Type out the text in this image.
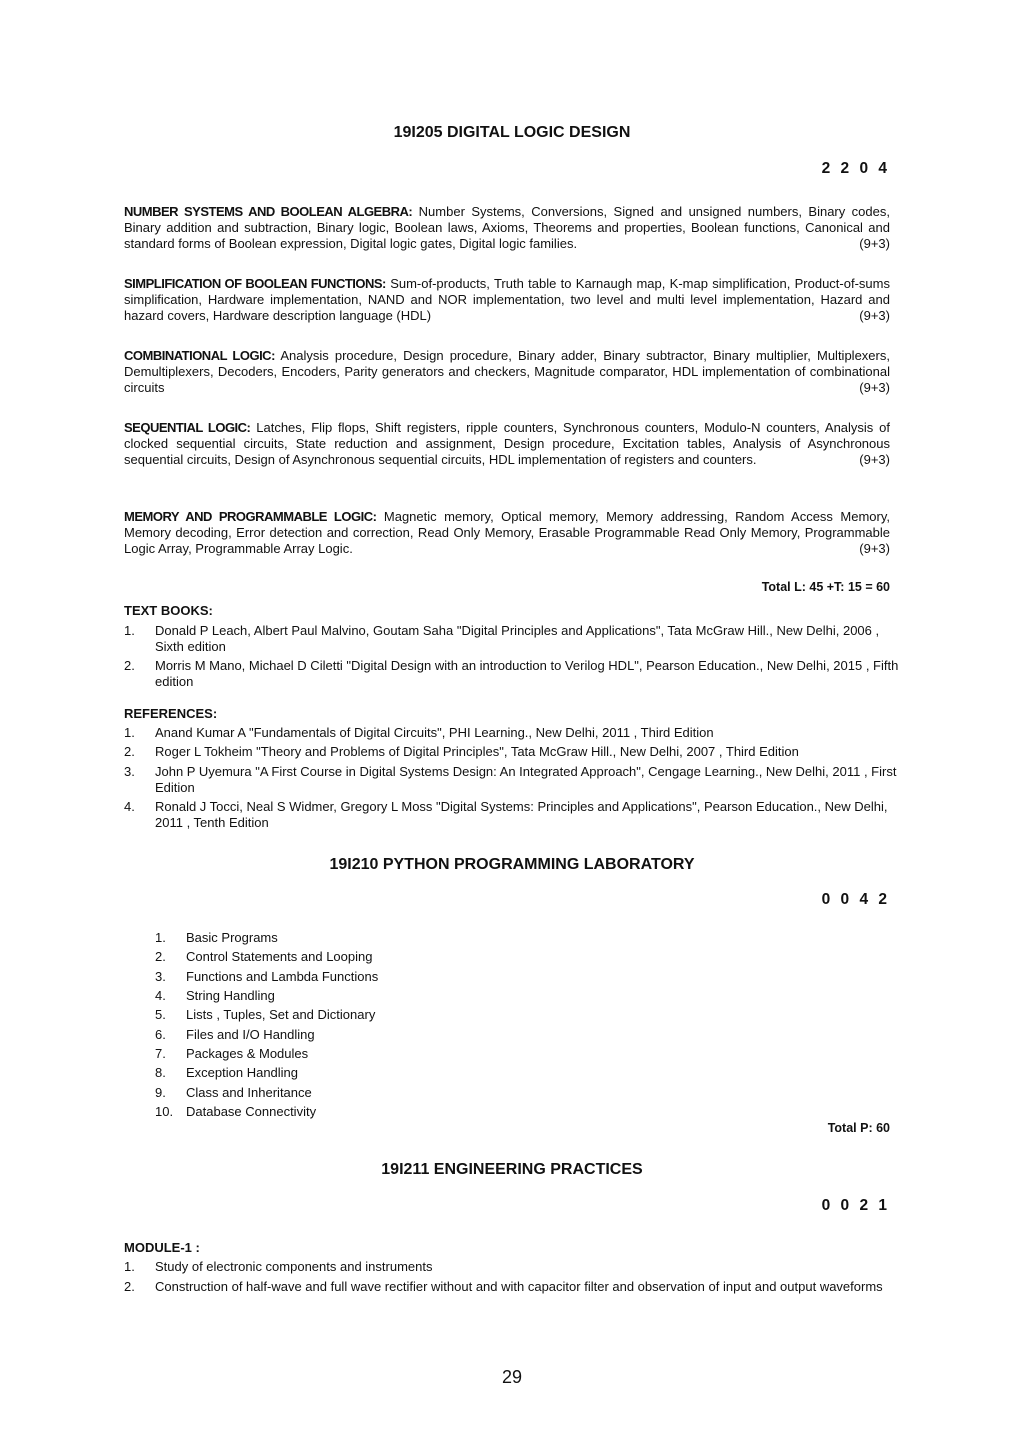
19I205 DIGITAL LOGIC DESIGN
2 2 0 4
NUMBER SYSTEMS AND BOOLEAN ALGEBRA: Number Systems, Conversions, Signed and unsigned numbers, Binary codes, Binary addition and subtraction, Binary logic, Boolean laws, Axioms, Theorems and properties, Boolean functions, Canonical and standard forms of Boolean expression, Digital logic gates, Digital logic families.	(9+3)
SIMPLIFICATION OF BOOLEAN FUNCTIONS: Sum-of-products, Truth table to Karnaugh map, K-map simplification, Product-of-sums simplification, Hardware implementation, NAND and NOR implementation, two level and multi level implementation, Hazard and hazard covers, Hardware description language (HDL)	(9+3)
COMBINATIONAL LOGIC: Analysis procedure, Design procedure, Binary adder, Binary subtractor, Binary multiplier, Multiplexers, Demultiplexers, Decoders, Encoders, Parity generators and checkers, Magnitude comparator, HDL implementation of combinational circuits	(9+3)
SEQUENTIAL LOGIC: Latches, Flip flops, Shift registers, ripple counters, Synchronous counters, Modulo-N counters, Analysis of clocked sequential circuits, State reduction and assignment, Design procedure, Excitation tables, Analysis of Asynchronous sequential circuits, Design of Asynchronous sequential circuits, HDL implementation of registers and counters.	(9+3)
MEMORY AND PROGRAMMABLE LOGIC: Magnetic memory, Optical memory, Memory addressing, Random Access Memory, Memory decoding, Error detection and correction, Read Only Memory, Erasable Programmable Read Only Memory, Programmable Logic Array, Programmable Array Logic.	(9+3)
Total L: 45 +T: 15 = 60
TEXT BOOKS:
1.	Donald P Leach, Albert Paul Malvino, Goutam Saha "Digital Principles and Applications", Tata McGraw Hill., New Delhi, 2006 , Sixth edition
2.	Morris M Mano, Michael D Ciletti "Digital Design with an introduction to Verilog HDL", Pearson Education., New Delhi, 2015 , Fifth edition
REFERENCES:
1.	Anand Kumar A "Fundamentals of Digital Circuits", PHI Learning., New Delhi, 2011 , Third Edition
2.	Roger L Tokheim "Theory and Problems of Digital Principles", Tata McGraw Hill., New Delhi, 2007 , Third Edition
3.	John P Uyemura "A First Course in Digital Systems Design: An Integrated Approach", Cengage Learning., New Delhi, 2011 , First Edition
4.	Ronald J Tocci, Neal S Widmer, Gregory L Moss "Digital Systems: Principles and Applications", Pearson Education., New Delhi, 2011 , Tenth Edition
19I210 PYTHON PROGRAMMING LABORATORY
0 0 4 2
1. Basic Programs
2. Control Statements and Looping
3. Functions and Lambda Functions
4. String Handling
5. Lists , Tuples, Set and Dictionary
6. Files and I/O Handling
7. Packages & Modules
8. Exception Handling
9. Class and Inheritance
10. Database Connectivity
Total P: 60
19I211 ENGINEERING PRACTICES
0 0 2 1
MODULE-1 :
1.	Study of electronic components and instruments
2.	Construction of half-wave and full wave rectifier without and with capacitor filter and observation of input and output waveforms
29
